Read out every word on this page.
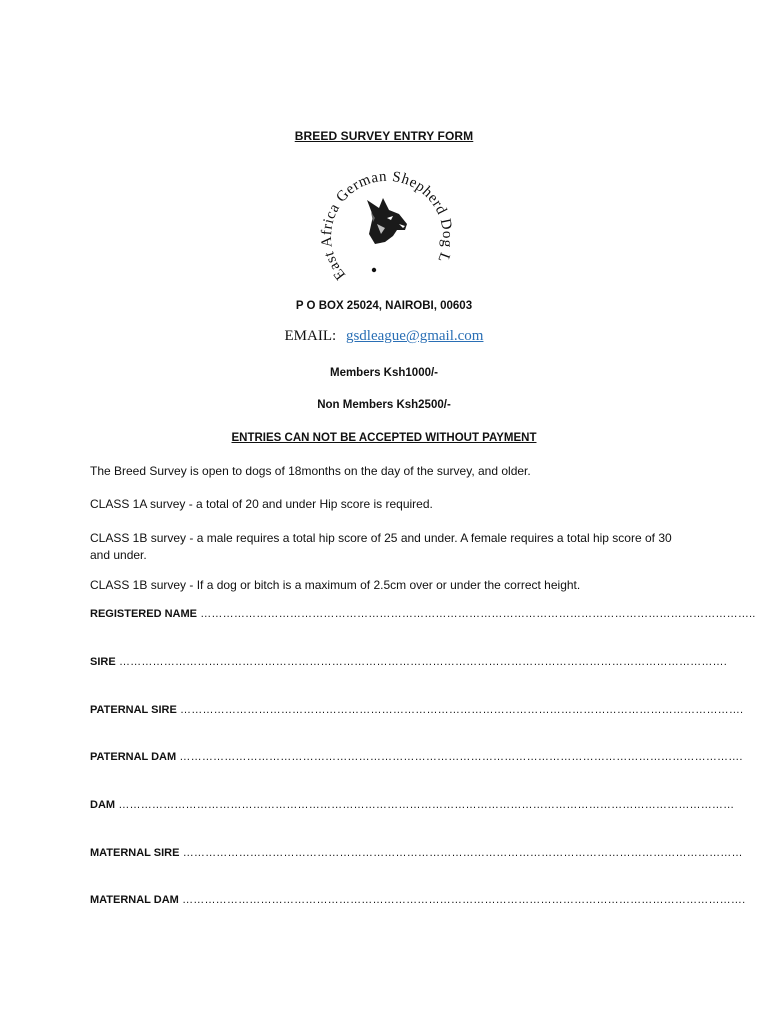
BREED SURVEY ENTRY FORM
East Africa German Shepherd Dog L
P O BOX 25024, NAIROBI, 00603
EMAIL: gsdleague@gmail.com
Members Ksh1000/-
Non Members Ksh2500/-
ENTRIES CAN NOT BE ACCEPTED WITHOUT PAYMENT
The Breed Survey is open to dogs of 18months on the day of the survey, and older.
CLASS 1A survey - a total of 20 and under Hip score is required.
CLASS 1B survey - a male requires a total hip score of 25 and under. A female requires a total hip score of 30 and under.
CLASS 1B survey - If a dog or bitch is a maximum of 2.5cm over or under the correct height.
REGISTERED NAME …………………………………………………………………………………………………………………………………..
SIRE ……………………………………………………………………………………………………………………………………………….
PATERNAL SIRE …………………………………………………………………………………………………………………………………….
PATERNAL DAM …………………………………………………………………………………………………………………………………….
DAM …………………………………………………………………………………………………………………………………………………
MATERNAL SIRE ……………………………………………………………………………………………………………………………………
MATERNAL DAM …………………………………………………………………………………………………………………………………….
